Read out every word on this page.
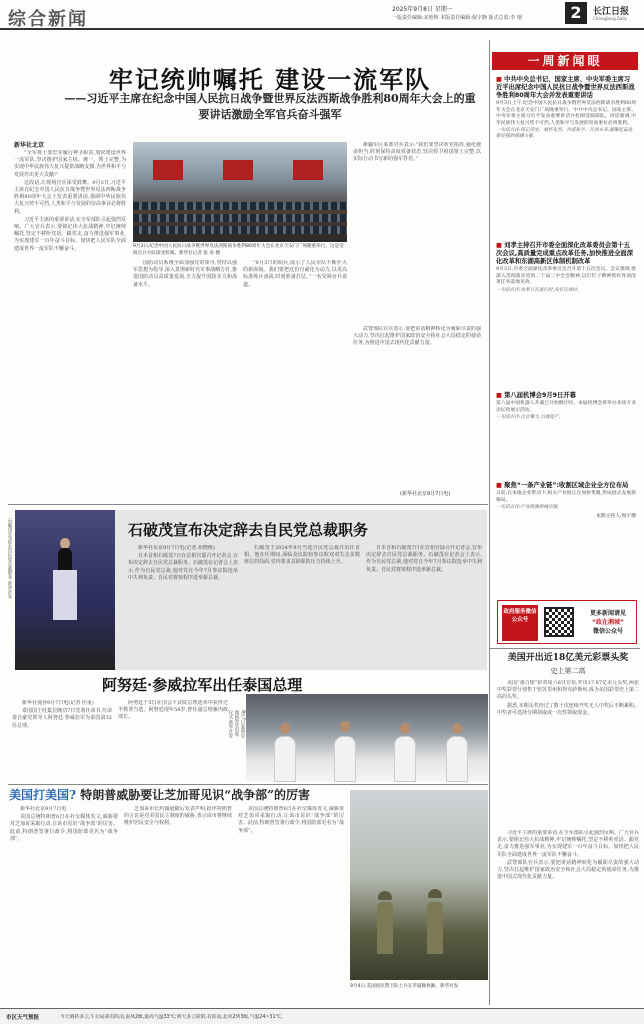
综合新闻	2025年9月8日 星期一
一版责任编辑:宋艳辉 本版责任编辑:倪宇静 版式总监:李 钢	2	长江日报
Changjiang Daily
牢记统帅嘱托 建设一流军队
——习近平主席在纪念中国人民抗日战争暨世界反法西斯战争胜利80周年大会上的重要讲话激励全军官兵奋斗强军
新华社北京

“全军将士要忠实履行神圣职责,加快建设世界一流军队,坚决维护国家主权、统一、领土完整,为实现中华民族伟大复兴提供战略支撑,为世界和平与发展作出更大贡献!”

这段话,让现场官兵深受鼓舞。9月3日,习近平主席在纪念中国人民抗日战争暨世界反法西斯战争胜利80周年大会上发表重要讲话,强调中华民族伟大复兴势不可挡,人类和平与发展的崇高事业必将胜利。

习近平主席的重要讲话,在全军部队引起强烈反响。广大官兵表示,要铭记伟大抗战精神,牢记统帅嘱托,坚定不移听党话、跟党走,奋力推进强军事业,为实现建军一百年奋斗目标、加快把人民军队全面建成世界一流军队不懈奋斗。	9月3日,纪念中国人民抗日战争暨世界反法西斯战争胜利80周年大会在北京天安门广场隆重举行。这是受阅官兵方队接受检阅。新华社记者 张 涛 摄

国防动员系统全面加强党的领导,坚持以强军思想为指导,深入贯彻新时代军事战略方针,推进国防动员高质量发展,全力提升国防实力和战备水平。

“9月3日的阅兵,展示了人民军队不断壮大的新面貌。我们要把这份自豪化为动力,以更高标准练兵备战,时刻准备打仗。”一名受阅官兵说道。

新疆军区某部官兵表示:“我们要坚决听党指挥,强化使命担当,时刻保持高度戒备状态,坚决捍卫祖国领土完整,以实际行动书写新的强军答卷。”

武警部队官兵表示,要把讲话精神转化为履职尽责的强大动力,坚决扛起维护国家政治安全和社会大局稳定的使命任务,为推进中国式现代化贡献力量。

(新华社北京9月7日电)
一周新闻眼
■ 中共中央总书记、国家主席、中央军委主席习近平出席纪念中国人民抗日战争暨世界反法西斯战争胜利80周年大会并发表重要讲话
9月3日上午,纪念中国人民抗日战争暨世界反法西斯战争胜利80周年大会在北京天安门广场隆重举行。中共中央总书记、国家主席、中央军委主席习近平发表重要讲话并检阅受阅部队。讲话强调,中华民族伟大复兴势不可挡,人类和平与发展的崇高事业必将胜利。
一句话点评:铭记历史、缅怀先烈、珍爱和平、开创未来,凝聚起奋进新征程的磅礴力量。
■ 刘孝主持召开市委全面深化改革委员会第十五次会议,高质量完成重点改革任务,加快推进全面深化改革和东湖高新区体制机制改革
9月3日,市委全面深化改革委员会召开第十五次会议。会议强调,要深入贯彻落实党的二十届三中全会精神,以钉钉子精神抓好各项改革任务落地见效。
一句话点评:改革只有进行时,没有完成时。
■ 第八届机博会9月9日开幕
第八届中国机器人开幕已开始倒计时。本届机博会将举办多场专业论坛和展示活动。
一句话点评:以会聚力,以展促产。
■ 聚焦“一条产业链”:收割区域企业全方位布局
日前,在本地企业带动下,相关产业链正在加快集聚,形成链式发展新格局。
一句话点评:产业链强则城市强。
本期主持人:倪宇静
政府服务微信公众号
更多新闻请见
“政在湘城”
微信公众号
石破茂宣布辞去自民党总裁职务 新华社发	石破茂宣布决定辞去自民党总裁职务

新华社东京9月7日电(记者 胡晓格)

日本首相石破茂7日在首相官邸召开记者会,宣布决定辞去自民党总裁职务。石破茂在记者会上表示,作为自民党总裁,他对党在今年7月参议院选举中失利负责。自民党将按程序选举新总裁。

石破茂于2024年9月当选自民党总裁并出任首相。他在任期间,面临众议院和参议院双双失去多数席位的局面,党内要求其辞职的压力持续上升。

日本首相石破茂7日在首相官邸召开记者会,宣布决定辞去自民党总裁职务。石破茂在记者会上表示,作为自民党总裁,他对党在今年7月参议院选举中失利负责。自民党将按程序选举新总裁。

阿努廷·参威拉军出任泰国总理

新华社曼谷9月7日电(记者 任重)

泰国国王哇集拉隆功7日签署任命书,任命泰自豪党领导人阿努廷·参威拉军为泰国第32任总理。

阿努廷于5日在国会下议院总理选举中获得过半数票当选。阿努廷现年58岁,曾任副总理兼内政部长。	9月7日泰国总理阿努廷出席仪式 新华社发
美国打美国? 特朗普威胁要让芝加哥见识“战争部”的厉害

新华社北京9月7日电

美国总统特朗普6日在社交媒体发文,威胁要对芝加哥采取行动,让该市见识“战争部”的厉害。此前,特朗普签署行政令,将国防部更名为“战争部”。

芝加哥市长约翰逊随后发表声明,批评特朗普的言论是对美国民主制度的威胁,表示该市将继续维护居民安全与权利。

美国总统特朗普6日在社交媒体发文,威胁要对芝加哥采取行动,让该市见识“战争部”的厉害。此前,特朗普签署行政令,将国防部更名为“战争部”。

9月4日,美国国民警卫队士兵在华盛顿执勤。新华社发
美国开出近18亿美元彩票头奖
史上第二高

美国“强力球”彩票周六6日宣布,开出17.87亿美元头奖,两张中奖彩票分别售于密苏里州和得克萨斯州,成为美国彩票史上第二高的头奖。

据悉,本期头奖经过了数十次连续开奖无人中奖后不断累积。中奖者可选择分期领取或一次性领取现金。

习近平主席的重要讲话,在全军部队引起强烈反响。广大官兵表示,要铭记伟大抗战精神,牢记统帅嘱托,坚定不移听党话、跟党走,奋力推进强军事业,为实现建军一百年奋斗目标、加快把人民军队全面建成世界一流军队不懈奋斗。

武警部队官兵表示,要把讲话精神转化为履职尽责的强大动力,坚决扛起维护国家政治安全和社会大局稳定的使命任务,为推进中国式现代化贡献力量。

市区天气预报	今天晴转多云,午后局部有阵雨,南风2级,最高气温33℃;明天多云转阴,有阵雨,北风2到3级,气温24~31℃。
